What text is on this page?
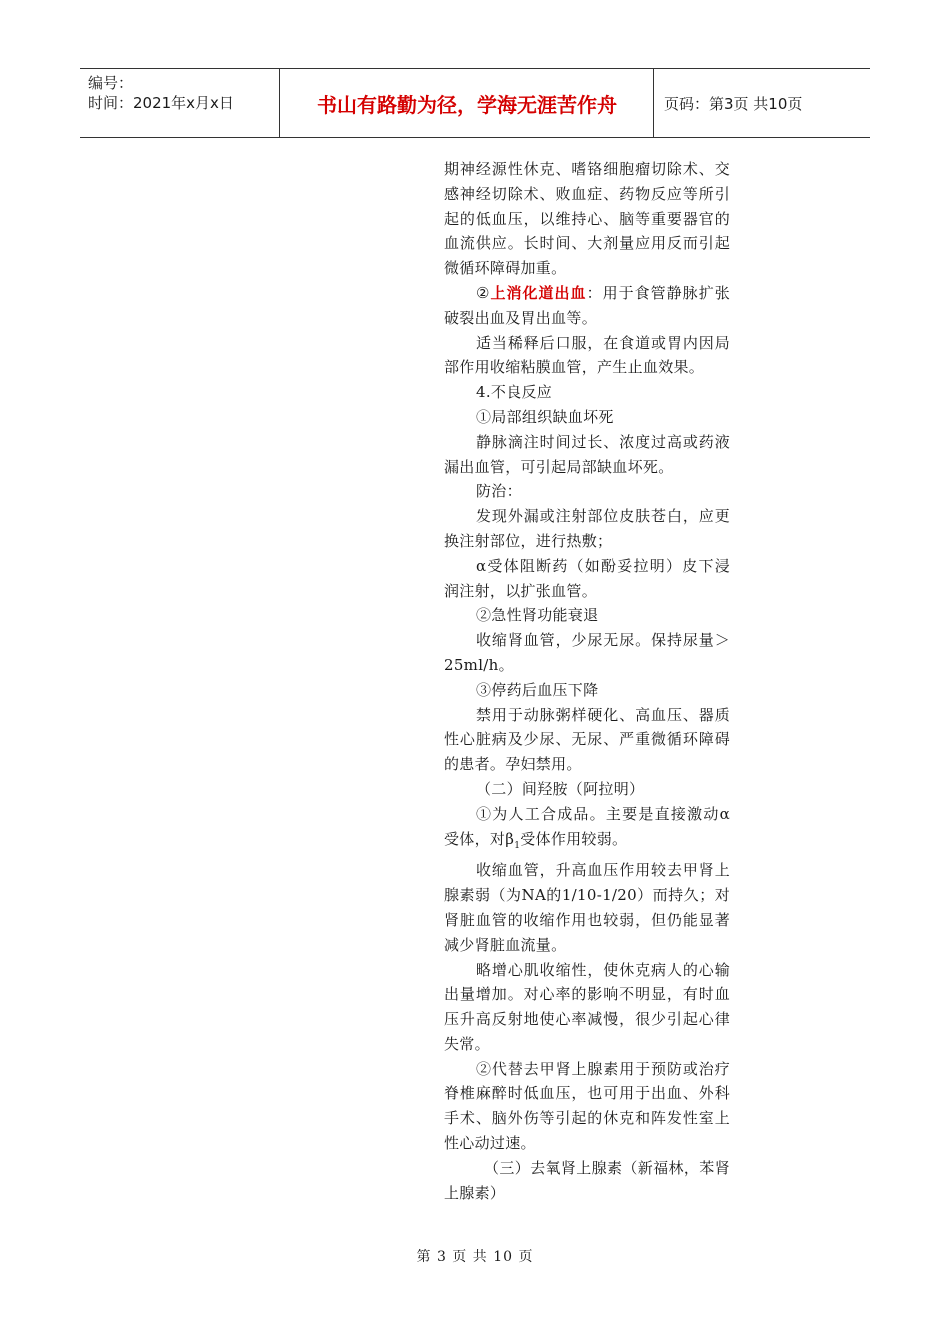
编号：
时间：2021年x月x日	书山有路勤为径，学海无涯苦作舟	页码：第3页 共10页

期神经源性休克、嗜铬细胞瘤切除术、交感神经切除术、败血症、药物反应等所引起的低血压，以维持心、脑等重要器官的血流供应。长时间、大剂量应用反而引起微循环障碍加重。

②上消化道出血：用于食管静脉扩张破裂出血及胃出血等。

适当稀释后口服，在食道或胃内因局部作用收缩粘膜血管，产生止血效果。

4.不良反应

①局部组织缺血坏死

静脉滴注时间过长、浓度过高或药液漏出血管，可引起局部缺血坏死。

防治：

发现外漏或注射部位皮肤苍白，应更换注射部位，进行热敷；

α受体阻断药（如酚妥拉明）皮下浸润注射，以扩张血管。

②急性肾功能衰退

收缩肾血管，少尿无尿。保持尿量＞25ml/h。

③停药后血压下降

禁用于动脉粥样硬化、高血压、器质性心脏病及少尿、无尿、严重微循环障碍的患者。孕妇禁用。

（二）间羟胺（阿拉明）

①为人工合成品。主要是直接激动α受体，对$\beta_1$受体作用较弱。

收缩血管，升高血压作用较去甲肾上腺素弱（为NA的1/10-1/20）而持久；对肾脏血管的收缩作用也较弱，但仍能显著减少肾脏血流量。

略增心肌收缩性，使休克病人的心输出量增加。对心率的影响不明显，有时血压升高反射地使心率减慢，很少引起心律失常。

②代替去甲肾上腺素用于预防或治疗脊椎麻醉时低血压，也可用于出血、外科手术、脑外伤等引起的休克和阵发性室上性心动过速。

（三）去氧肾上腺素（新福林，苯肾上腺素）

第 3 页 共 10 页
